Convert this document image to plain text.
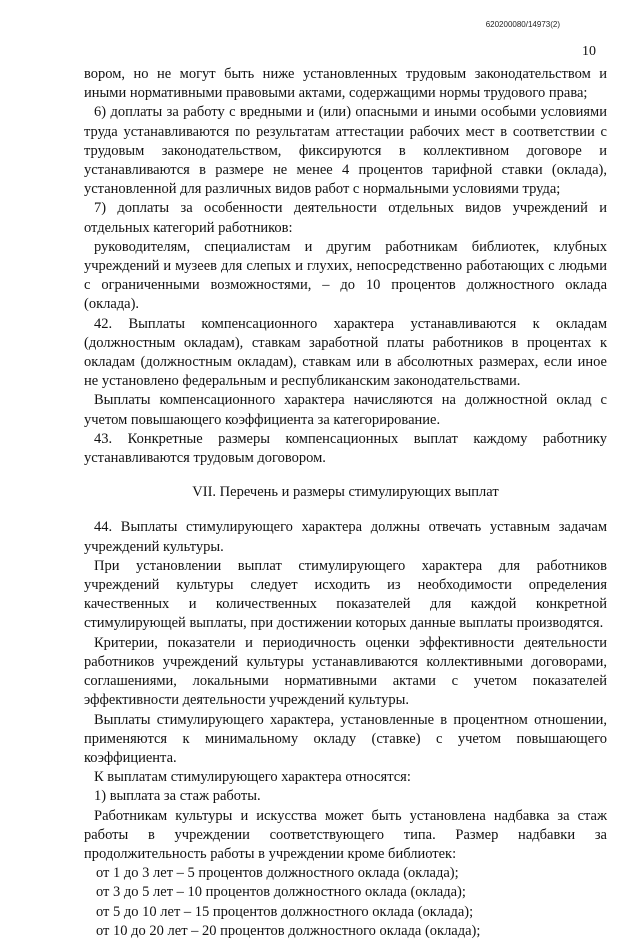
620200080/14973(2)
10

вором, но не могут быть ниже установленных трудовым законодательством и иными нормативными правовыми актами, содержащими нормы трудового права;

6) доплаты за работу с вредными и (или) опасными и иными особыми условиями труда устанавливаются по результатам аттестации рабочих мест в соответствии с трудовым законодательством, фиксируются в коллективном договоре и устанавливаются в размере не менее 4 процентов тарифной ставки (оклада), установленной для различных видов работ с нормальными условиями труда;

7) доплаты за особенности деятельности отдельных видов учреждений и отдельных категорий работников:

руководителям, специалистам и другим работникам библиотек, клубных учреждений и музеев для слепых и глухих, непосредственно работающих с людьми с ограниченными возможностями, – до 10 процентов должностного оклада (оклада).

42. Выплаты компенсационного характера устанавливаются к окладам (должностным окладам), ставкам заработной платы работников в процентах к окладам (должностным окладам), ставкам или в абсолютных размерах, если иное не установлено федеральным и республиканским законодательствами.

Выплаты компенсационного характера начисляются на должностной оклад с учетом повышающего коэффициента за категорирование.

43. Конкретные размеры компенсационных выплат каждому работнику устанавливаются трудовым договором.

VII. Перечень и размеры стимулирующих выплат

44. Выплаты стимулирующего характера должны отвечать уставным задачам учреждений культуры.

При установлении выплат стимулирующего характера для работников учреждений культуры следует исходить из необходимости определения качественных и количественных показателей для каждой конкретной стимулирующей выплаты, при достижении которых данные выплаты производятся.

Критерии, показатели и периодичность оценки эффективности деятельности работников учреждений культуры устанавливаются коллективными договорами, соглашениями, локальными нормативными актами с учетом показателей эффективности деятельности учреждений культуры.

Выплаты стимулирующего характера, установленные в процентном отношении, применяются к минимальному окладу (ставке) с учетом повышающего коэффициента.

К выплатам стимулирующего характера относятся:

1) выплата за стаж работы.

Работникам культуры и искусства может быть установлена надбавка за стаж работы в учреждении соответствующего типа. Размер надбавки за продолжительность работы в учреждении кроме библиотек:

от 1 до 3 лет – 5 процентов должностного оклада (оклада);

от 3 до 5 лет – 10 процентов должностного оклада (оклада);

от 5 до 10 лет – 15 процентов должностного оклада (оклада);

от 10 до 20 лет – 20 процентов должностного оклада (оклада);
